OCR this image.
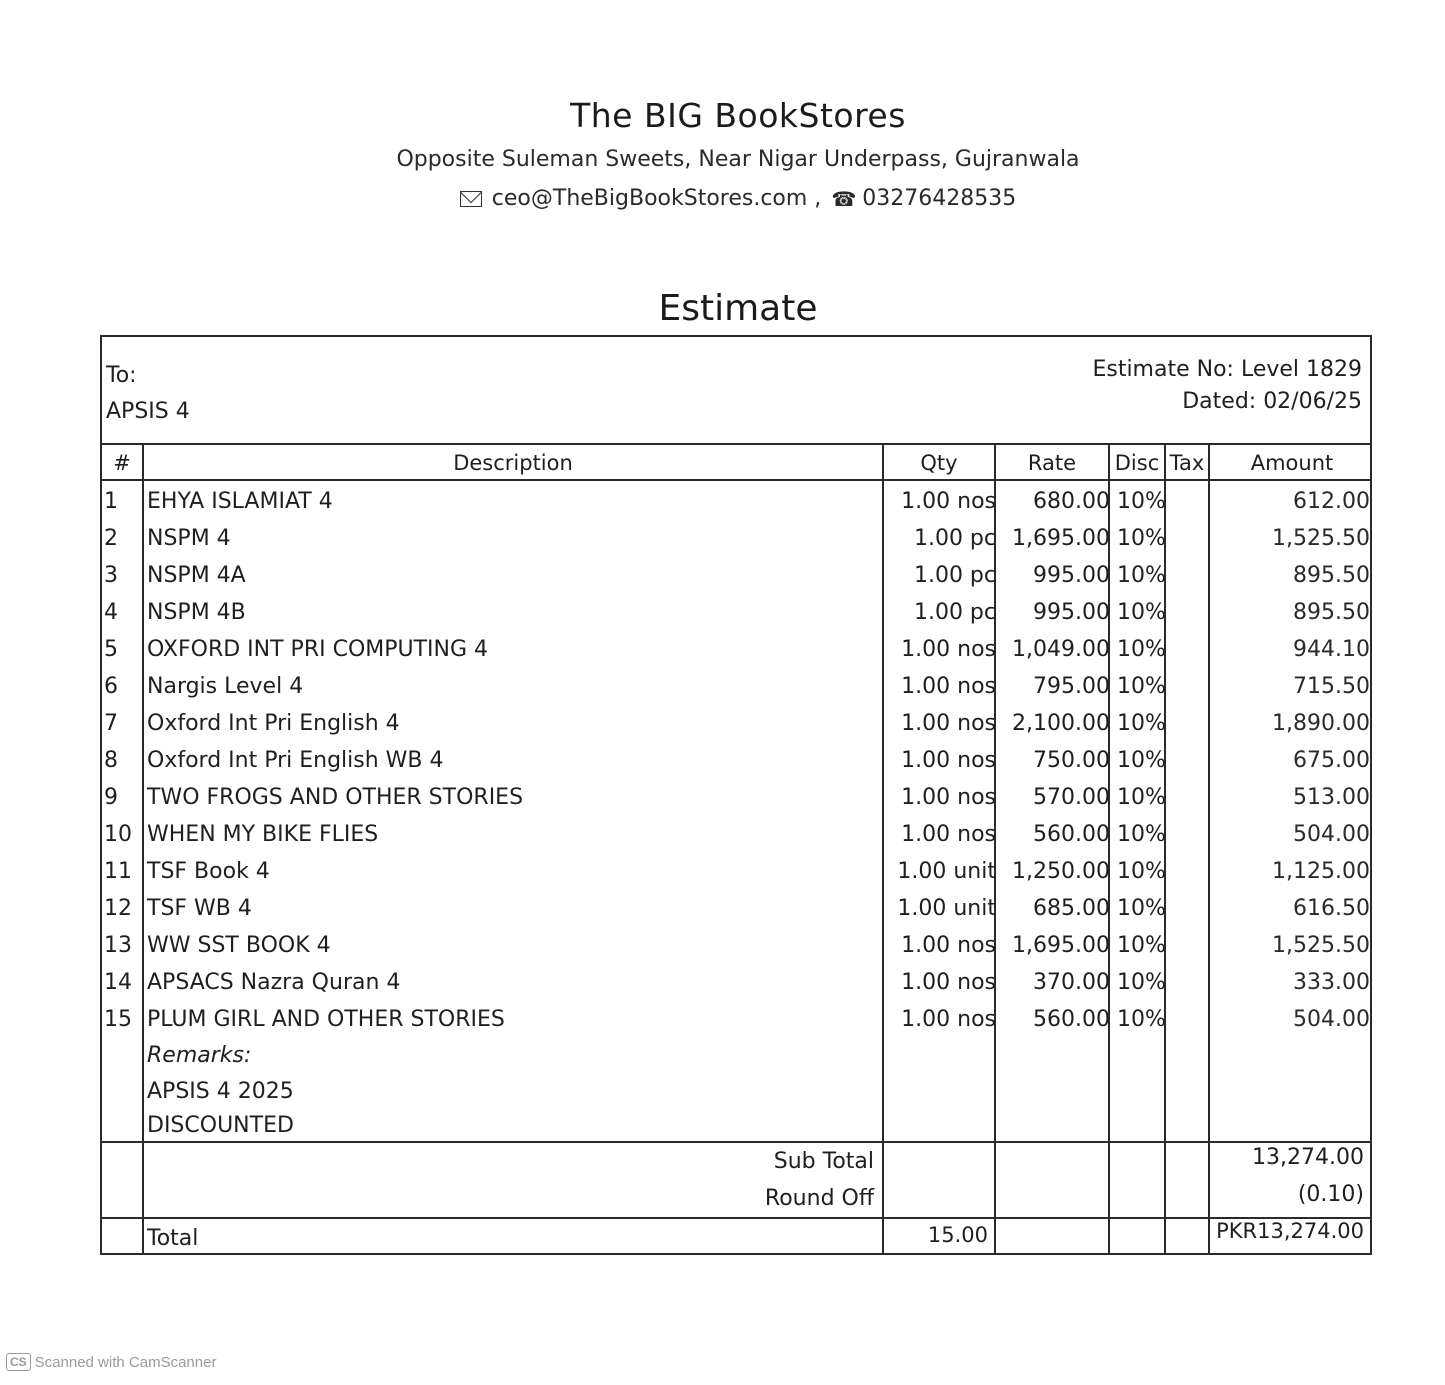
The BIG BookStores
Opposite Suleman Sweets, Near Nigar Underpass, Gujranwala
ceo@TheBigBookStores.com , ☎ 03276428535
Estimate
To:
APSIS 4
Estimate No: Level 1829
Dated: 02/06/25
#	Description	Qty	Rate	Disc Tax	Amount
1 EHYA ISLAMIAT 4	1.00 nos 680.00 10%	612.00
2 NSPM 4	1.00 pc 1,695.00 10%	1,525.50
3 NSPM 4A	1.00 pc 995.00 10%	895.50
4 NSPM 4B	1.00 pc 995.00 10%	895.50
5 OXFORD INT PRI COMPUTING 4	1.00 nos 1,049.00 10%	944.10
6 Nargis Level 4	1.00 nos 795.00 10%	715.50
7 Oxford Int Pri English 4	1.00 nos 2,100.00 10%	1,890.00
8 Oxford Int Pri English WB 4	1.00 nos 750.00 10%	675.00
9 TWO FROGS AND OTHER STORIES	1.00 nos 570.00 10%	513.00
10 WHEN MY BIKE FLIES	1.00 nos 560.00 10%	504.00
11 TSF Book 4	1.00 unit 1,250.00 10%	1,125.00
12 TSF WB 4	1.00 unit 685.00 10%	616.50
13 WW SST BOOK 4	1.00 nos 1,695.00 10%	1,525.50
14 APSACS Nazra Quran 4	1.00 nos 370.00 10%	333.00
15 PLUM GIRL AND OTHER STORIES	1.00 nos 560.00 10%	504.00
Remarks:
APSIS 4 2025
DISCOUNTED
Sub Total	13,274.00
Round Off	(0.10)
Total	15.00	PKR13,274.00
CS Scanned with CamScanner
